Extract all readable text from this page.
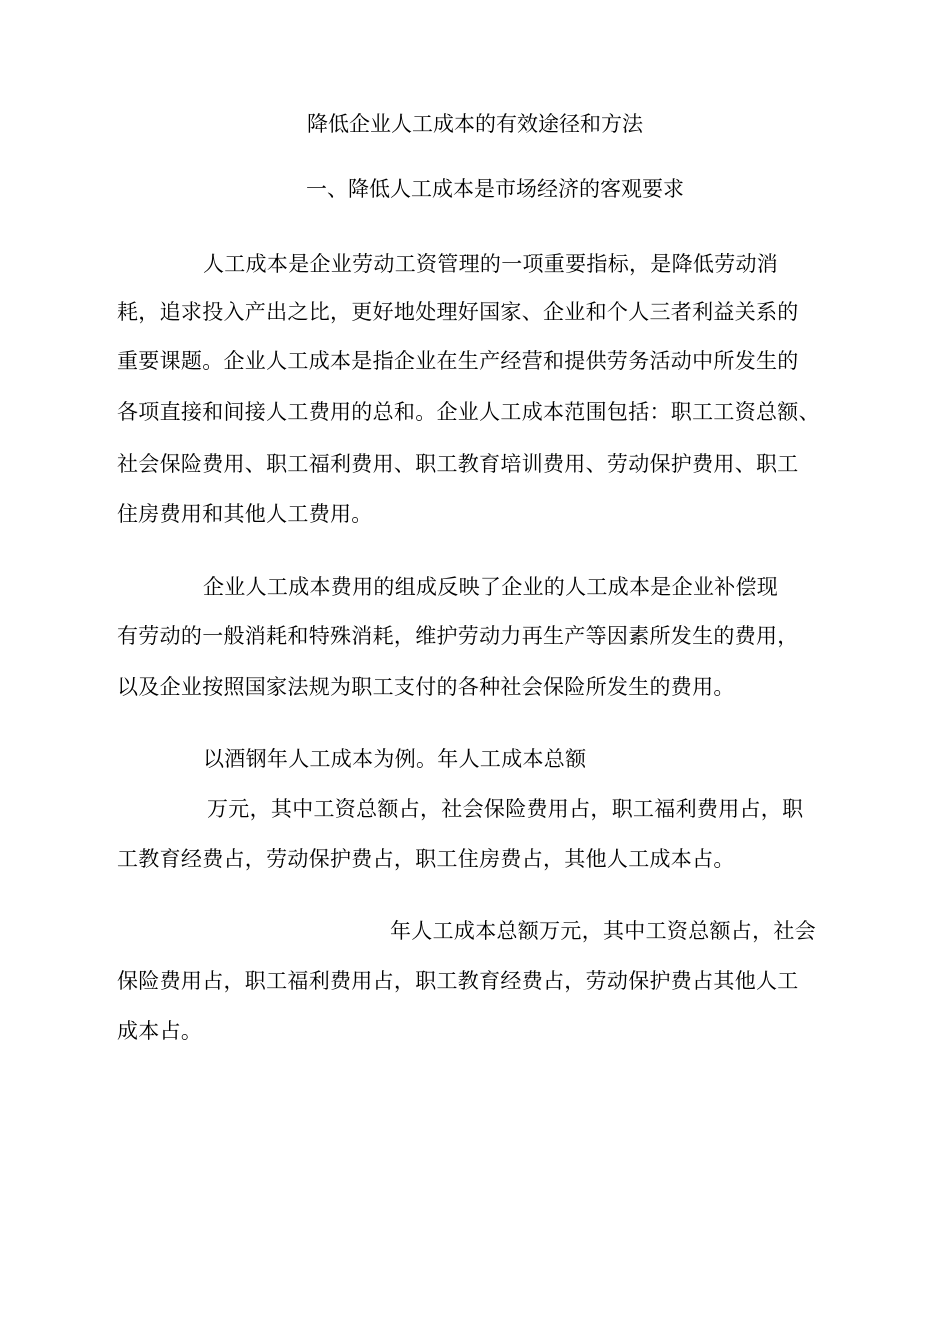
降低企业人工成本的有效途径和方法
一、降低人工成本是市场经济的客观要求
人工成本是企业劳动工资管理的一项重要指标，是降低劳动消
耗，追求投入产出之比，更好地处理好国家、企业和个人三者利益关系的
重要课题。企业人工成本是指企业在生产经营和提供劳务活动中所发生的
各项直接和间接人工费用的总和。企业人工成本范围包括：职工工资总额、
社会保险费用、职工福利费用、职工教育培训费用、劳动保护费用、职工
住房费用和其他人工费用。
企业人工成本费用的组成反映了企业的人工成本是企业补偿现
有劳动的一般消耗和特殊消耗，维护劳动力再生产等因素所发生的费用，
以及企业按照国家法规为职工支付的各种社会保险所发生的费用。
以酒钢年人工成本为例。年人工成本总额
万元，其中工资总额占，社会保险费用占，职工福利费用占，职
工教育经费占，劳动保护费占，职工住房费占，其他人工成本占。
年人工成本总额万元，其中工资总额占，社会
保险费用占，职工福利费用占，职工教育经费占，劳动保护费占其他人工
成本占。
